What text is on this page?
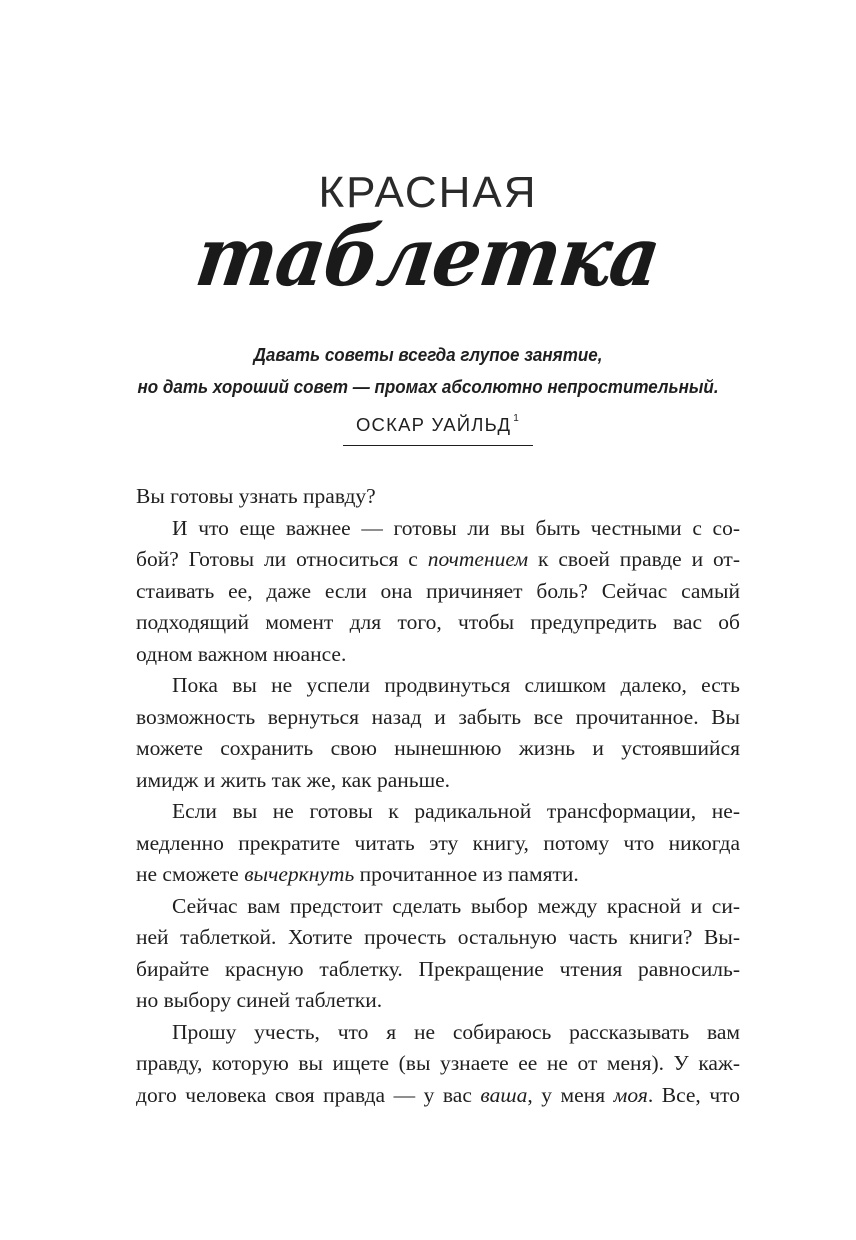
КРАСНАЯ
таблетка
Давать советы всегда глупое занятие,
но дать хороший совет — промах абсолютно непростительный.
ОСКАР УАЙЛЬД $^1$
Вы готовы узнать правду?
И что еще важнее — готовы ли вы быть честными с со-
бой? Готовы ли относиться с почтением к своей правде и от-
стаивать ее, даже если она причиняет боль? Сейчас самый
подходящий момент для того, чтобы предупредить вас об
одном важном нюансе.
Пока вы не успели продвинуться слишком далеко, есть
возможность вернуться назад и забыть все прочитанное. Вы
можете сохранить свою нынешнюю жизнь и устоявшийся
имидж и жить так же, как раньше.
Если вы не готовы к радикальной трансформации, не-
медленно прекратите читать эту книгу, потому что никогда
не сможете вычеркнуть прочитанное из памяти.
Сейчас вам предстоит сделать выбор между красной и си-
ней таблеткой. Хотите прочесть остальную часть книги? Вы-
бирайте красную таблетку. Прекращение чтения равносиль-
но выбору синей таблетки.
Прошу учесть, что я не собираюсь рассказывать вам
правду, которую вы ищете (вы узнаете ее не от меня). У каж-
дого человека своя правда — у вас ваша, у меня моя. Все, что
